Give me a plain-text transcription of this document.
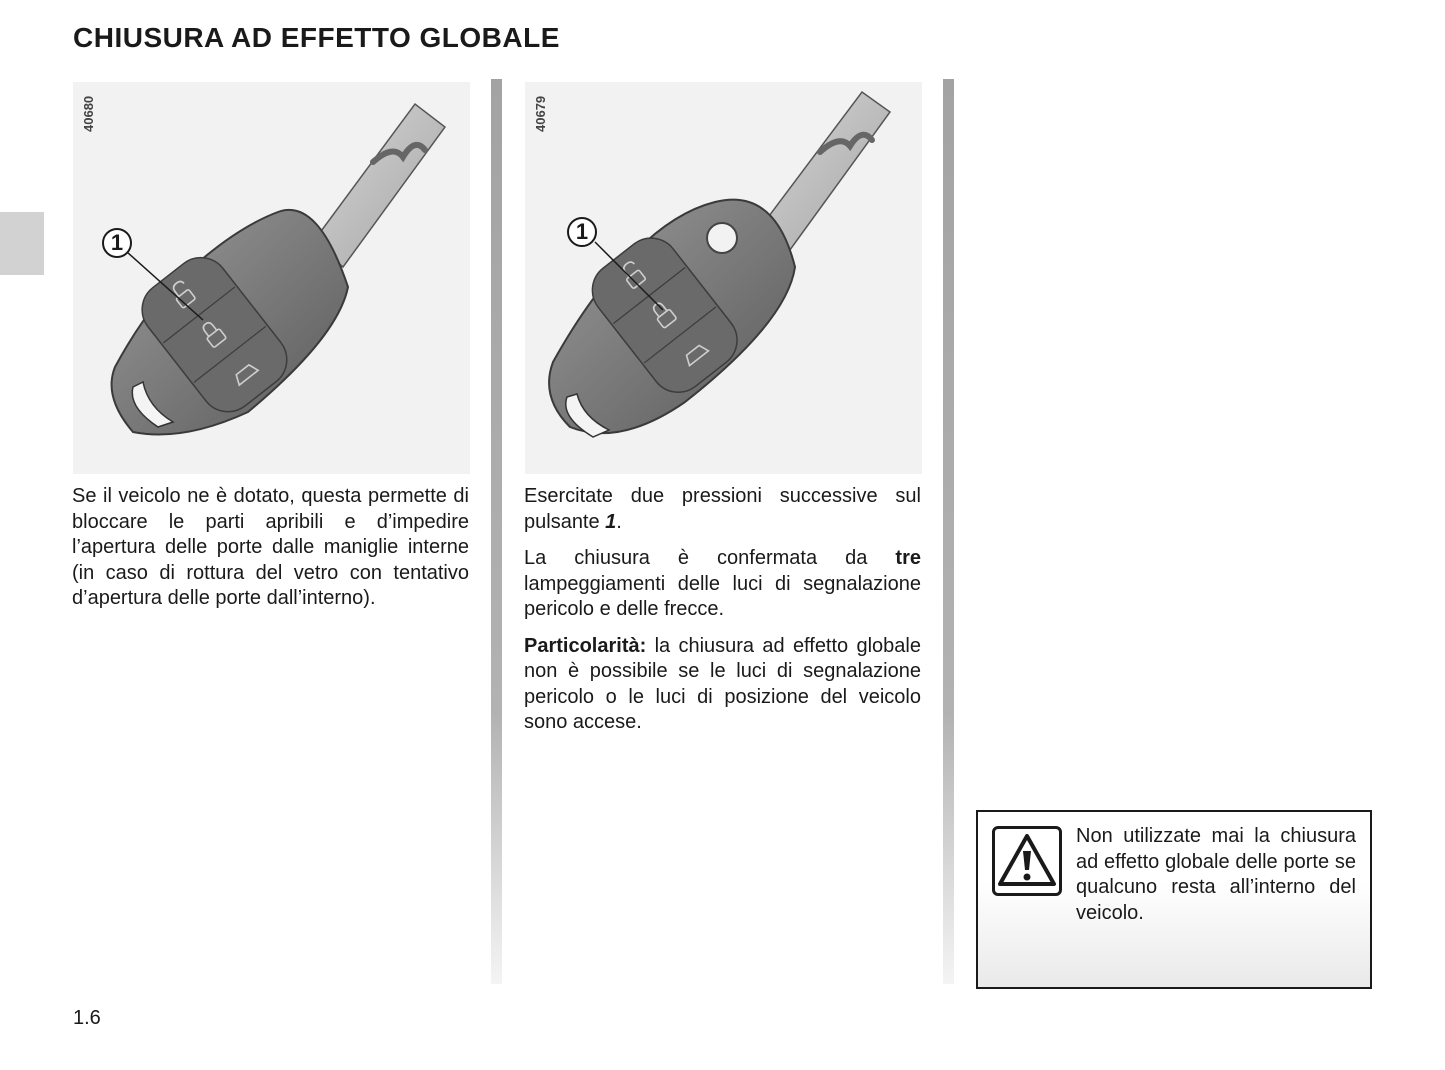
CHIUSURA AD EFFETTO GLOBALE
40680
1
40679
1

Se il veicolo ne è dotato, questa permette di bloccare le parti apribili e d’impedire l’apertura delle porte dalle maniglie interne (in caso di rottura del vetro con tentativo d’apertura delle porte dall’interno).

Esercitate due pressioni successive sul pulsante 1.

La chiusura è confermata da tre lampeggiamenti delle luci di segnalazione pericolo e delle frecce.

Particolarità: la chiusura ad effetto globale non è possibile se le luci di segnalazione pericolo o le luci di posizione del veicolo sono accese.

Non utilizzate mai la chiusura ad effetto globale delle porte se qualcuno resta all’interno del veicolo.
1.6
